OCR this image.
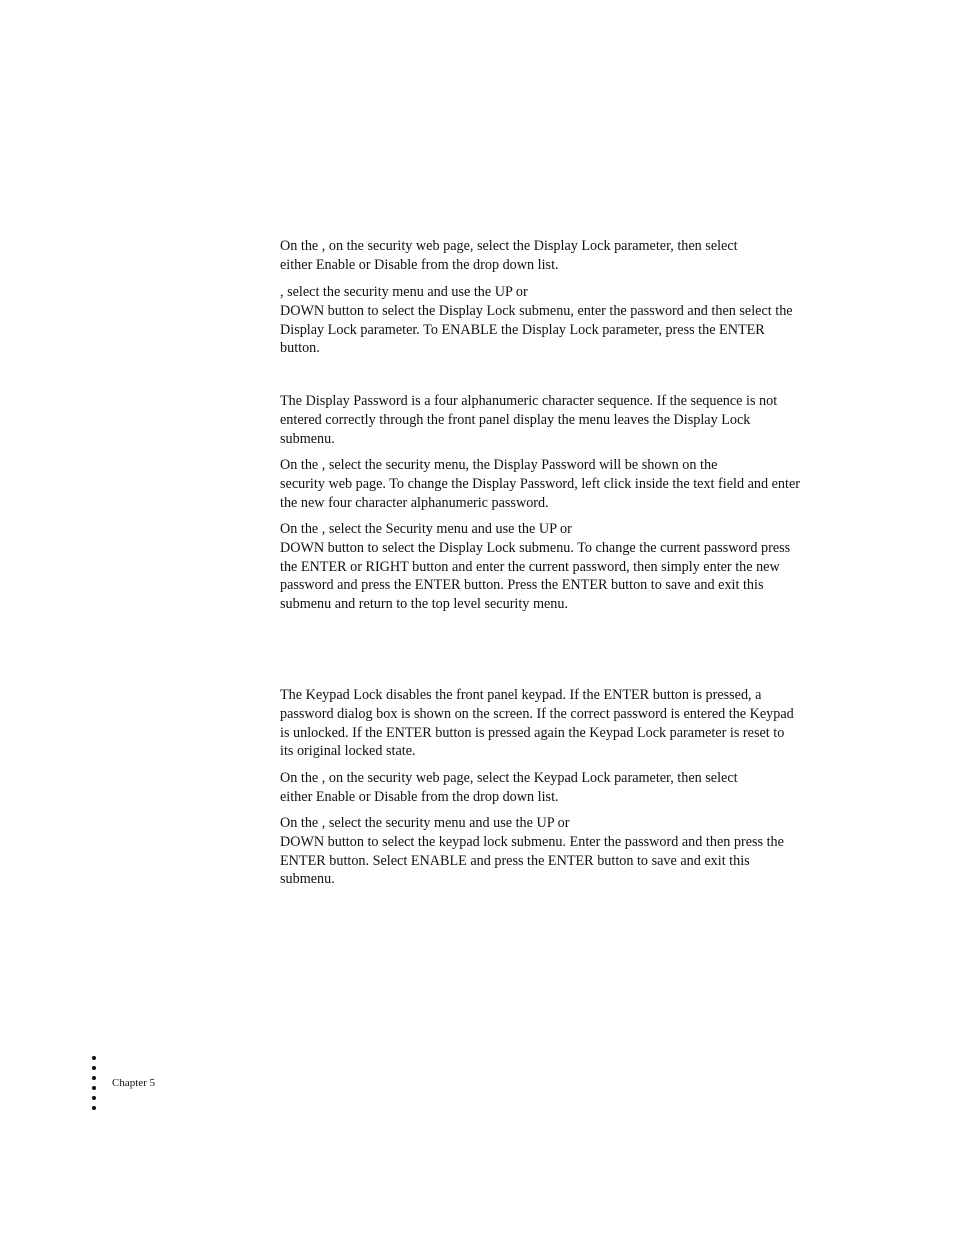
On the , on the security web page, select the Display Lock parameter, then select
either Enable or Disable from the drop down list.

, select the security menu and use the UP or
DOWN button to select the Display Lock submenu, enter the password and then select the
Display Lock parameter. To ENABLE the Display Lock parameter, press the ENTER
button.

The Display Password is a four alphanumeric character sequence. If the sequence is not
entered correctly through the front panel display the menu leaves the Display Lock
submenu.

On the , select the security menu, the Display Password will be shown on the
security web page. To change the Display Password, left click inside the text field and enter
the new four character alphanumeric password.

On the , select the Security menu and use the UP or
DOWN button to select the Display Lock submenu. To change the current password press
the ENTER or RIGHT button and enter the current password, then simply enter the new
password and press the ENTER button. Press the ENTER button to save and exit this
submenu and return to the top level security menu.

The Keypad Lock disables the front panel keypad. If the ENTER button is pressed, a
password dialog box is shown on the screen. If the correct password is entered the Keypad
is unlocked. If the ENTER button is pressed again the Keypad Lock parameter is reset to
its original locked state.

On the , on the security web page, select the Keypad Lock parameter, then select
either Enable or Disable from the drop down list.

On the , select the security menu and use the UP or
DOWN button to select the keypad lock submenu. Enter the password and then press the
ENTER button. Select ENABLE and press the ENTER button to save and exit this
submenu.

Chapter 5
